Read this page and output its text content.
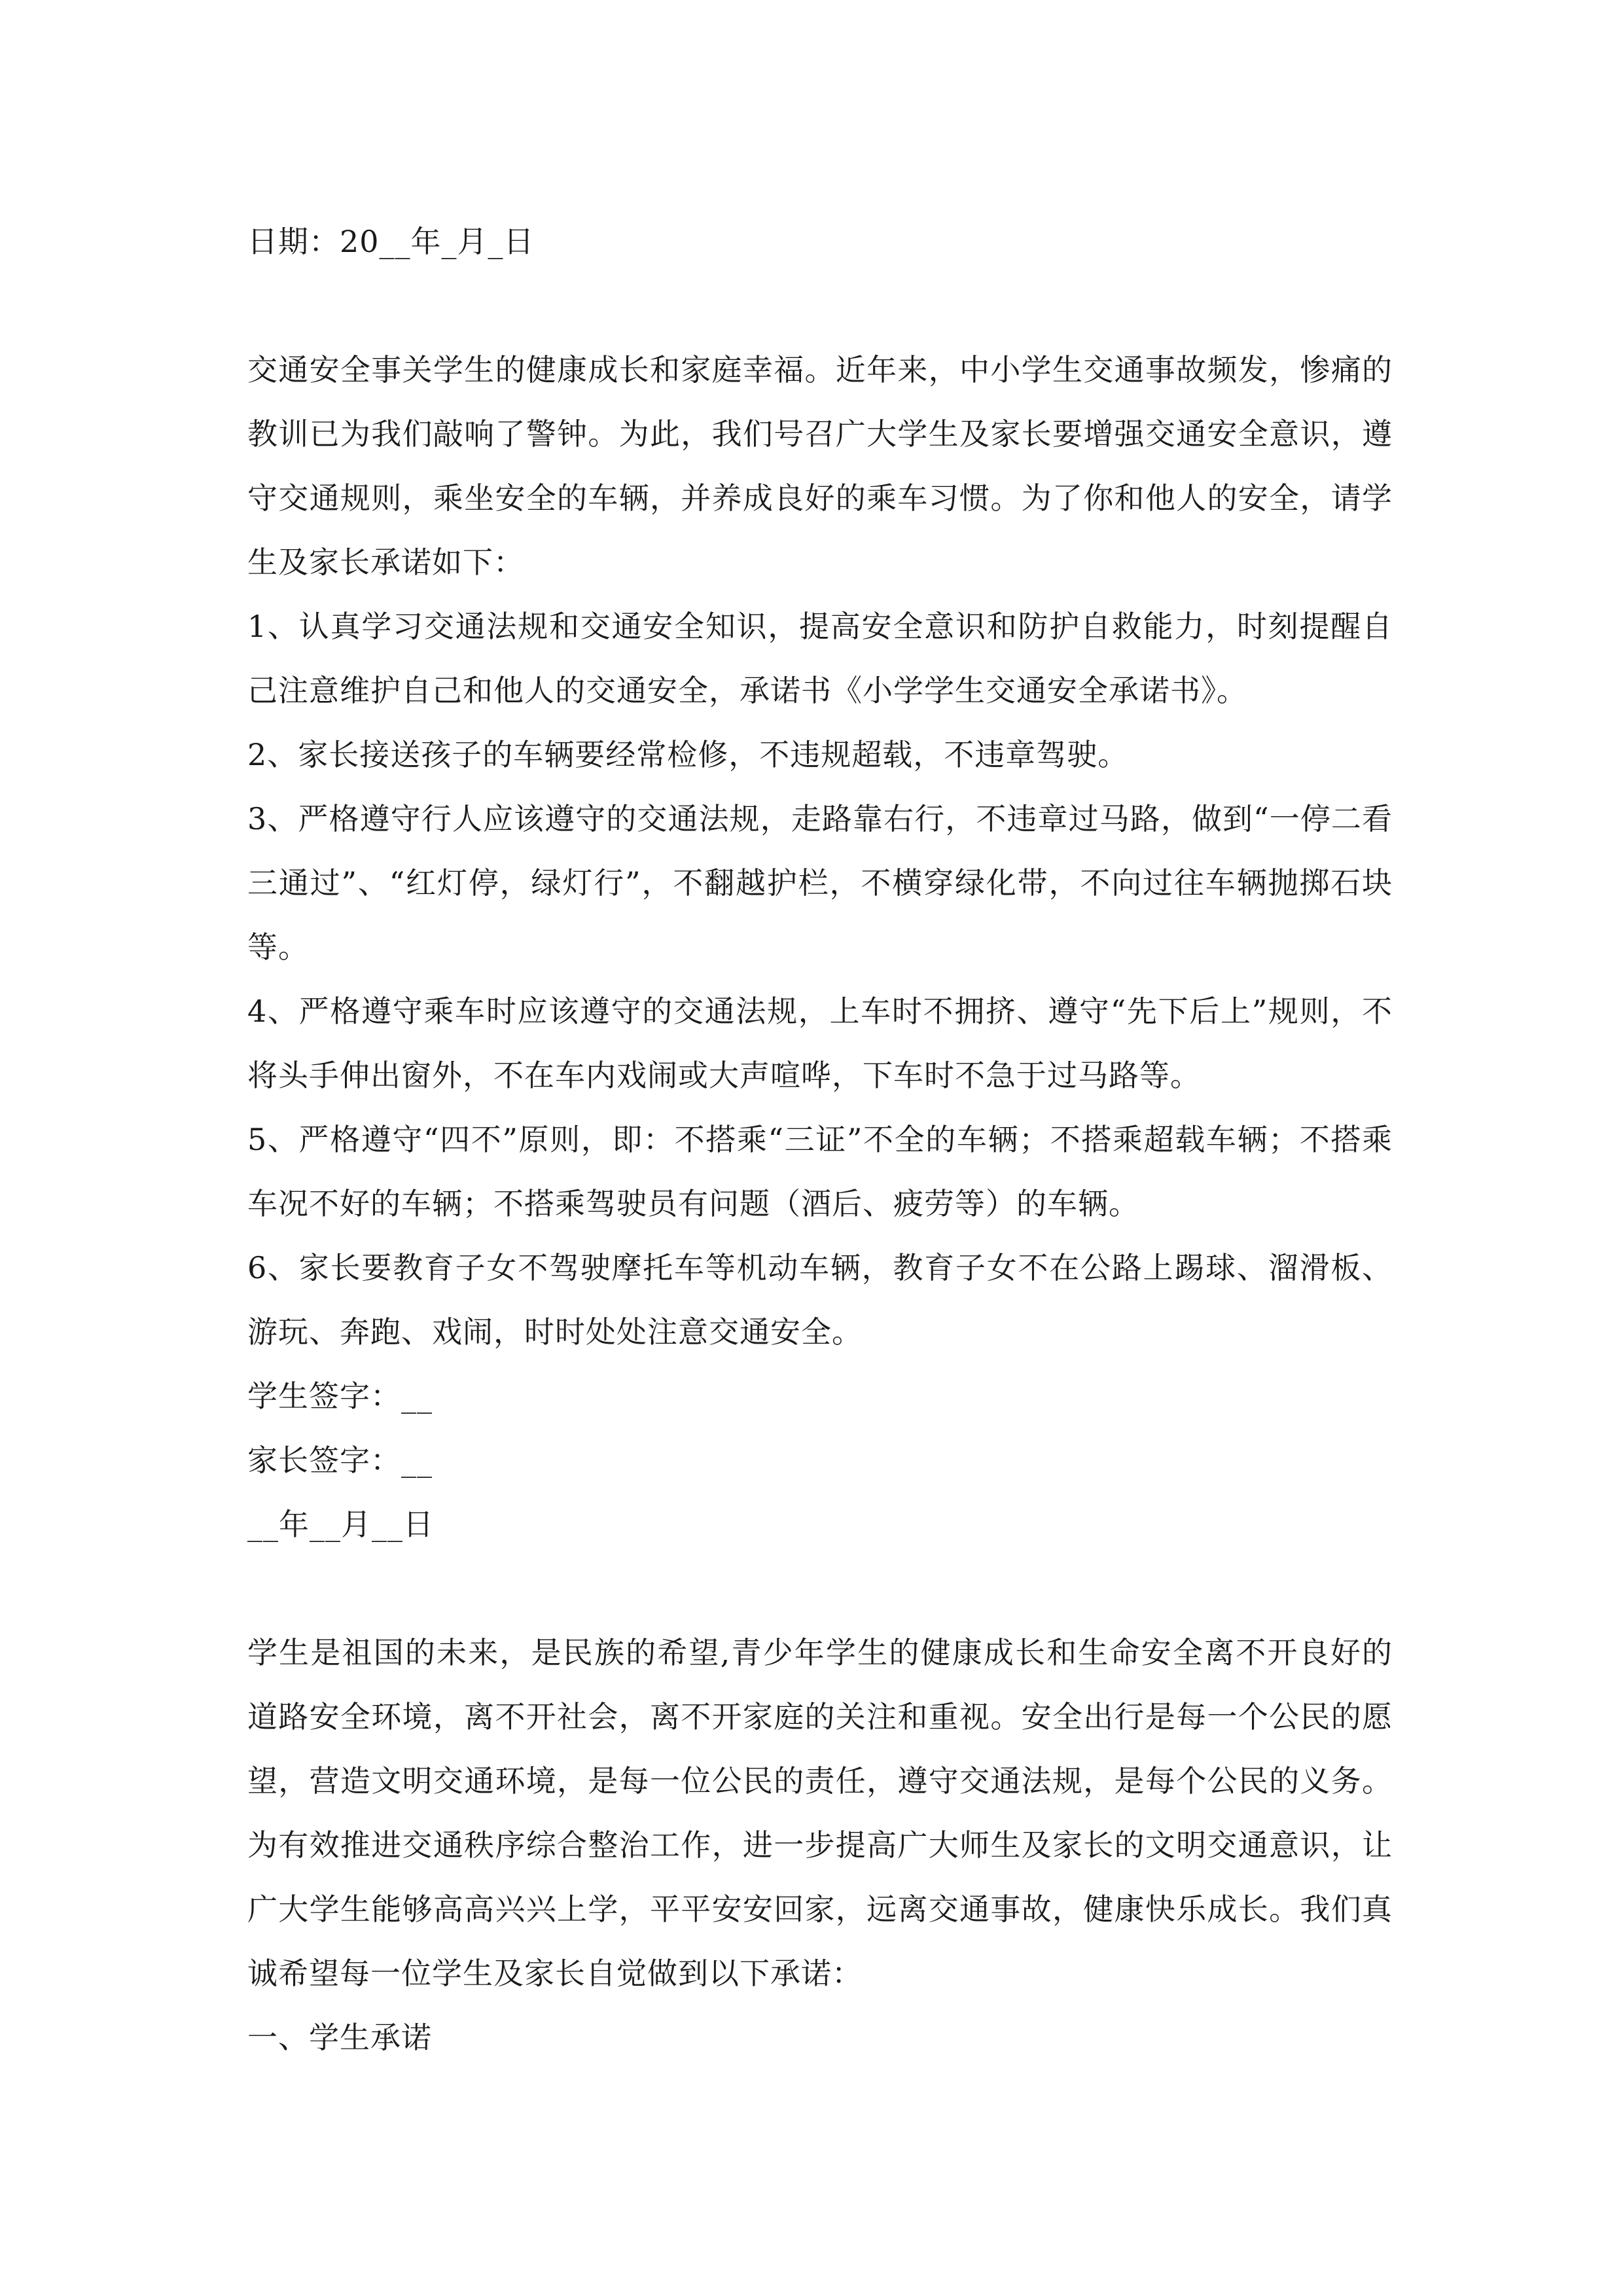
日期：20__年_月_日

交通安全事关学生的健康成长和家庭幸福。近年来，中小学生交通事故频发，惨痛的教训已为我们敲响了警钟。为此，我们号召广大学生及家长要增强交通安全意识，遵守交通规则，乘坐安全的车辆，并养成良好的乘车习惯。为了你和他人的安全，请学生及家长承诺如下：

1、认真学习交通法规和交通安全知识，提高安全意识和防护自救能力，时刻提醒自己注意维护自己和他人的交通安全，承诺书《小学学生交通安全承诺书》。

2、家长接送孩子的车辆要经常检修，不违规超载，不违章驾驶。

3、严格遵守行人应该遵守的交通法规，走路靠右行，不违章过马路，做到“一停二看三通过”、“红灯停，绿灯行”，不翻越护栏，不横穿绿化带，不向过往车辆抛掷石块等。

4、严格遵守乘车时应该遵守的交通法规，上车时不拥挤、遵守“先下后上”规则，不将头手伸出窗外，不在车内戏闹或大声喧哗，下车时不急于过马路等。

5、严格遵守“四不”原则，即：不搭乘“三证”不全的车辆；不搭乘超载车辆；不搭乘车况不好的车辆；不搭乘驾驶员有问题（酒后、疲劳等）的车辆。

6、家长要教育子女不驾驶摩托车等机动车辆，教育子女不在公路上踢球、溜滑板、游玩、奔跑、戏闹，时时处处注意交通安全。

学生签字：__

家长签字：__

__年__月__日

学生是祖国的未来，是民族的希望,青少年学生的健康成长和生命安全离不开良好的道路安全环境，离不开社会，离不开家庭的关注和重视。安全出行是每一个公民的愿望，营造文明交通环境，是每一位公民的责任，遵守交通法规，是每个公民的义务。为有效推进交通秩序综合整治工作，进一步提高广大师生及家长的文明交通意识，让广大学生能够高高兴兴上学，平平安安回家，远离交通事故，健康快乐成长。我们真诚希望每一位学生及家长自觉做到以下承诺：

一、学生承诺
